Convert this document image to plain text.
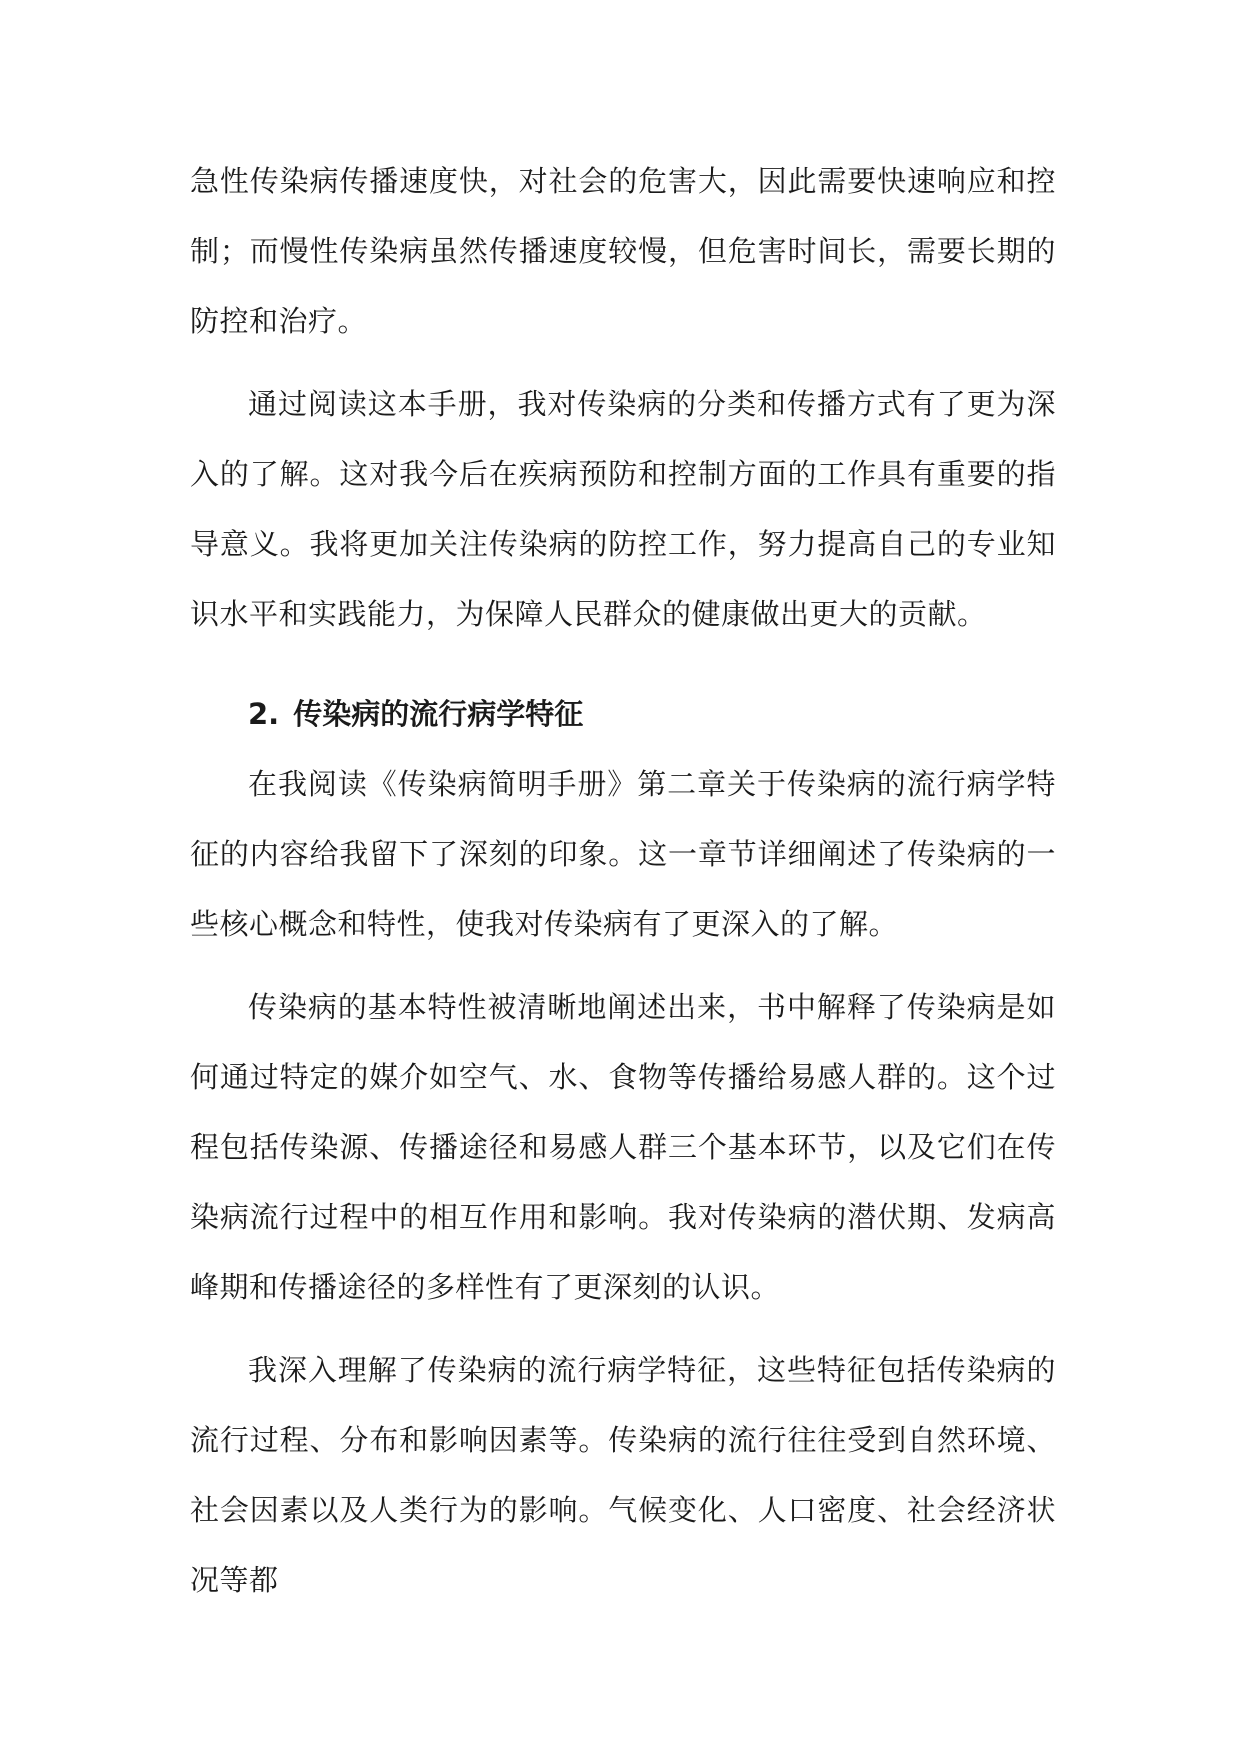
急性传染病传播速度快，对社会的危害大，因此需要快速响应和控制；而慢性传染病虽然传播速度较慢，但危害时间长，需要长期的防控和治疗。

通过阅读这本手册，我对传染病的分类和传播方式有了更为深入的了解。这对我今后在疾病预防和控制方面的工作具有重要的指导意义。我将更加关注传染病的防控工作，努力提高自己的专业知识水平和实践能力，为保障人民群众的健康做出更大的贡献。

2. 传染病的流行病学特征

在我阅读《传染病简明手册》第二章关于传染病的流行病学特征的内容给我留下了深刻的印象。这一章节详细阐述了传染病的一些核心概念和特性，使我对传染病有了更深入的了解。

传染病的基本特性被清晰地阐述出来，书中解释了传染病是如何通过特定的媒介如空气、水、食物等传播给易感人群的。这个过程包括传染源、传播途径和易感人群三个基本环节，以及它们在传染病流行过程中的相互作用和影响。我对传染病的潜伏期、发病高峰期和传播途径的多样性有了更深刻的认识。

我深入理解了传染病的流行病学特征，这些特征包括传染病的流行过程、分布和影响因素等。传染病的流行往往受到自然环境、社会因素以及人类行为的影响。气候变化、人口密度、社会经济状况等都
